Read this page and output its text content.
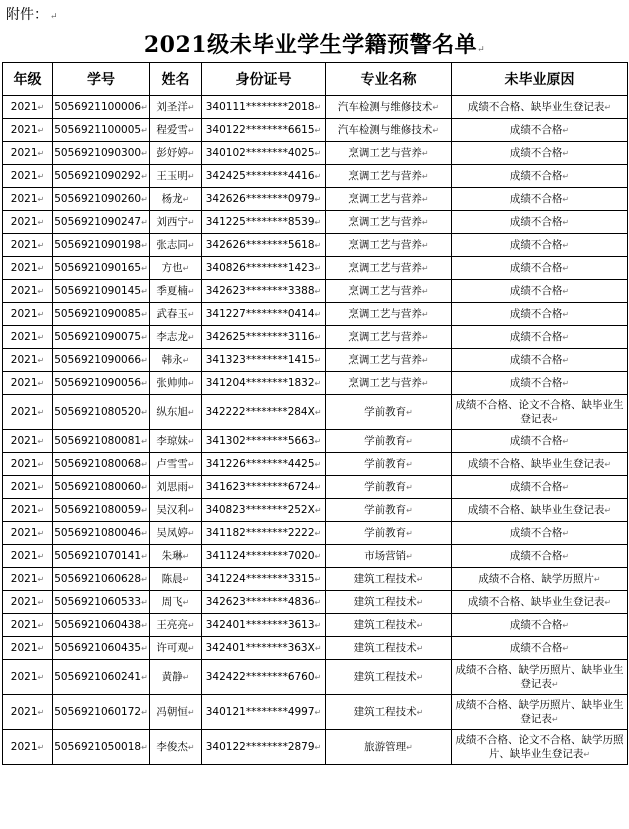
附件： ↵
2021级未毕业学生学籍预警名单↵
年级	学号	姓名	身份证号	专业名称	未毕业原因
2021↵	5056921100006↵	刘圣洋↵	340111********2018↵	汽车检测与维修技术↵	成绩不合格、缺毕业生登记表↵
2021↵	5056921100005↵	程爱雪↵	340122********6615↵	汽车检测与维修技术↵	成绩不合格↵
2021↵	5056921090300↵	彭妤婷↵	340102********4025↵	烹调工艺与营养↵	成绩不合格↵
2021↵	5056921090292↵	王玉明↵	342425********4416↵	烹调工艺与营养↵	成绩不合格↵
2021↵	5056921090260↵	杨龙↵	342626********0979↵	烹调工艺与营养↵	成绩不合格↵
2021↵	5056921090247↵	刘西宁↵	341225********8539↵	烹调工艺与营养↵	成绩不合格↵
2021↵	5056921090198↵	张志同↵	342626********5618↵	烹调工艺与营养↵	成绩不合格↵
2021↵	5056921090165↵	方也↵	340826********1423↵	烹调工艺与营养↵	成绩不合格↵
2021↵	5056921090145↵	季夏楠↵	342623********3388↵	烹调工艺与营养↵	成绩不合格↵
2021↵	5056921090085↵	武春玉↵	341227********0414↵	烹调工艺与营养↵	成绩不合格↵
2021↵	5056921090075↵	李志龙↵	342625********3116↵	烹调工艺与营养↵	成绩不合格↵
2021↵	5056921090066↵	韩永↵	341323********1415↵	烹调工艺与营养↵	成绩不合格↵
2021↵	5056921090056↵	张帅帅↵	341204********1832↵	烹调工艺与营养↵	成绩不合格↵
2021↵	5056921080520↵	纵东旭↵	342222********284X↵	学前教育↵	成绩不合格、论文不合格、缺毕业生登记表↵
2021↵	5056921080081↵	李琼妹↵	341302********5663↵	学前教育↵	成绩不合格↵
2021↵	5056921080068↵	卢雪雪↵	341226********4425↵	学前教育↵	成绩不合格、缺毕业生登记表↵
2021↵	5056921080060↵	刘思雨↵	341623********6724↵	学前教育↵	成绩不合格↵
2021↵	5056921080059↵	吴汉利↵	340823********252X↵	学前教育↵	成绩不合格、缺毕业生登记表↵
2021↵	5056921080046↵	吴凤婷↵	341182********2222↵	学前教育↵	成绩不合格↵
2021↵	5056921070141↵	朱琳↵	341124********7020↵	市场营销↵	成绩不合格↵
2021↵	5056921060628↵	陈晨↵	341224********3315↵	建筑工程技术↵	成绩不合格、缺学历照片↵
2021↵	5056921060533↵	周飞↵	342623********4836↵	建筑工程技术↵	成绩不合格、缺毕业生登记表↵
2021↵	5056921060438↵	王亮亮↵	342401********3613↵	建筑工程技术↵	成绩不合格↵
2021↵	5056921060435↵	许可观↵	342401********363X↵	建筑工程技术↵	成绩不合格↵
2021↵	5056921060241↵	黄静↵	342422********6760↵	建筑工程技术↵	成绩不合格、缺学历照片、缺毕业生登记表↵
2021↵	5056921060172↵	冯朝恒↵	340121********4997↵	建筑工程技术↵	成绩不合格、缺学历照片、缺毕业生登记表↵
2021↵	5056921050018↵	李俊杰↵	340122********2879↵	旅游管理↵	成绩不合格、论文不合格、缺学历照片、缺毕业生登记表↵
